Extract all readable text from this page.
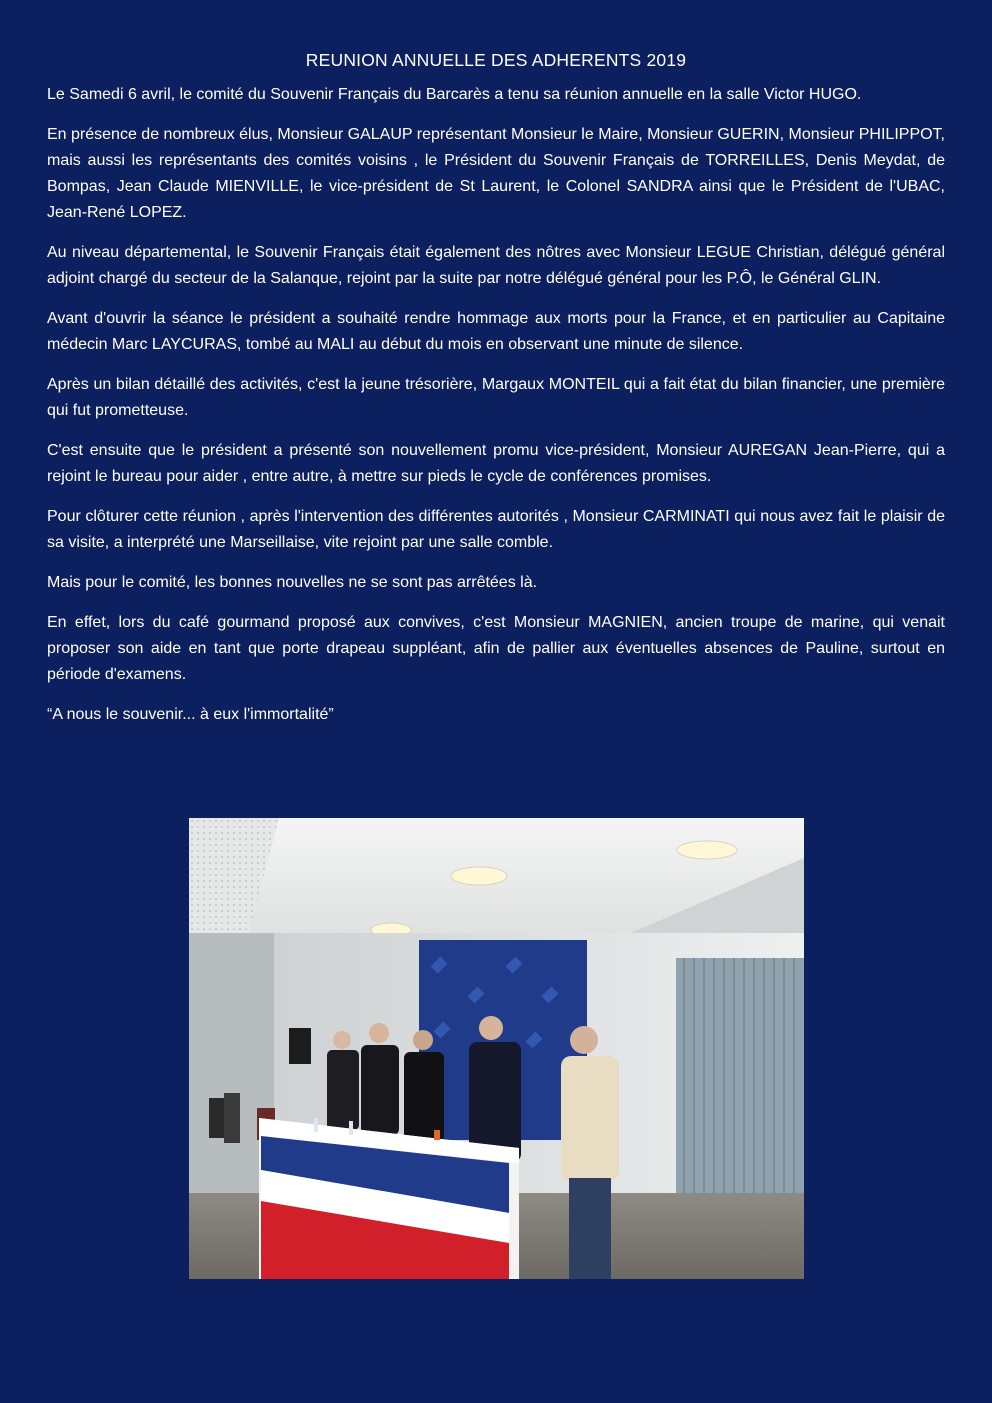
REUNION ANNUELLE DES ADHERENTS 2019

Le Samedi 6 avril, le comité du Souvenir Français du Barcarès a tenu sa réunion annuelle en la salle Victor HUGO.

En présence de nombreux élus, Monsieur GALAUP représentant Monsieur le Maire, Monsieur GUERIN, Monsieur PHILIPPOT, mais aussi les représentants des comités voisins , le Président du Souvenir Français de TORREILLES, Denis Meydat, de Bompas, Jean Claude MIENVILLE, le vice-président de St Laurent, le Colonel SANDRA ainsi que le Président de l'UBAC, Jean-René LOPEZ.

Au niveau départemental, le Souvenir Français était également des nôtres avec Monsieur LEGUE Christian, délégué général adjoint chargé du secteur de la Salanque, rejoint par la suite par notre délégué général pour les P.Ô, le Général GLIN.

Avant d'ouvrir la séance le président a souhaité rendre hommage aux morts pour la France, et en particulier au Capitaine médecin Marc LAYCURAS, tombé au MALI au début du mois en observant une minute de silence.

Après un bilan détaillé des activités, c'est la jeune trésorière, Margaux MONTEIL qui a fait état du bilan financier, une première qui fut prometteuse.

C'est ensuite que le président a présenté son nouvellement promu vice-président, Monsieur AUREGAN Jean-Pierre, qui a rejoint le bureau pour aider , entre autre, à mettre sur pieds le cycle de conférences promises.

Pour clôturer cette réunion , après l'intervention des différentes autorités , Monsieur CARMINATI qui nous avez fait le plaisir de sa visite, a interprété une Marseillaise, vite rejoint par une salle comble.

Mais pour le comité, les bonnes nouvelles ne se sont pas arrêtées là.

En effet, lors du café gourmand proposé aux convives, c'est Monsieur MAGNIEN, ancien troupe de marine, qui venait proposer son aide en tant que porte drapeau suppléant, afin de pallier aux éventuelles absences de Pauline, surtout en période d'examens.

“A nous le souvenir... à eux l'immortalité”
